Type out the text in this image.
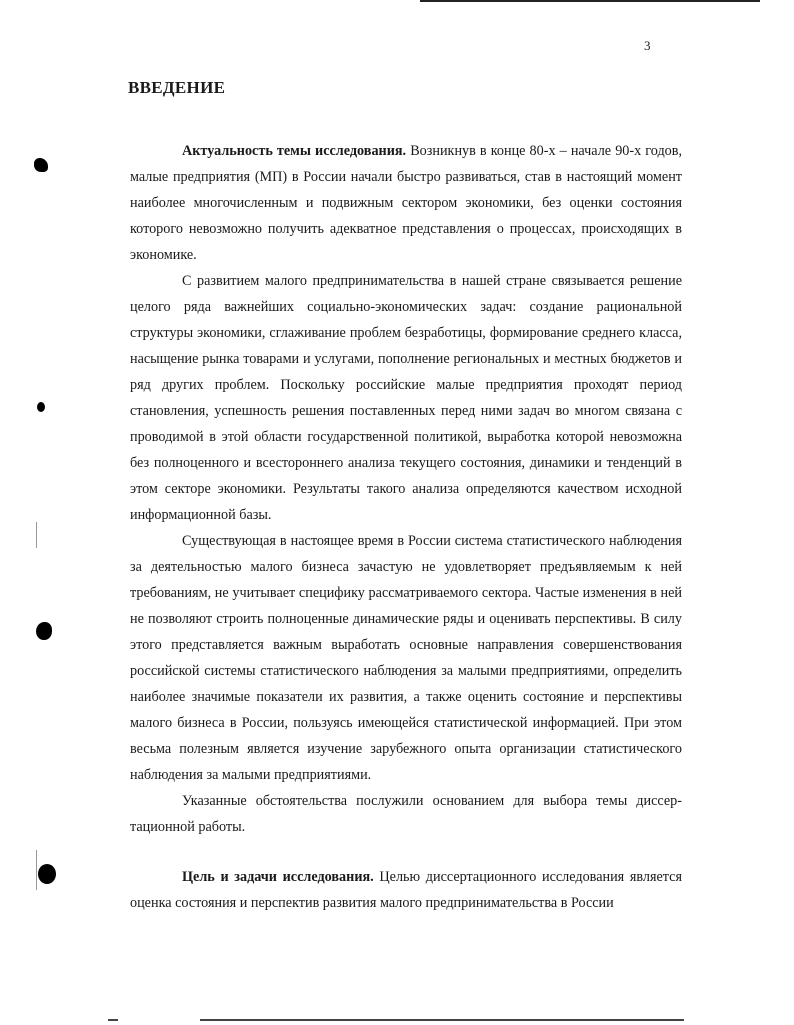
3
ВВЕДЕНИЕ

Актуальность темы исследования. Возникнув в конце 80-х – начале 90-х годов, малые предприятия (МП) в России начали быстро развиваться, став в настоящий момент наиболее многочисленным и подвижным сектором экономики, без оценки состояния которого невозможно получить адекватное представления о процессах, происходящих в экономике.

С развитием малого предпринимательства в нашей стране связывается решение целого ряда важнейших социально-экономических задач: создание рациональной структуры экономики, сглаживание проблем безработицы, формирование среднего класса, насыщение рынка товарами и услугами, пополнение региональных и местных бюджетов и ряд других проблем. Поскольку российские малые предприятия проходят период становления, успешность решения поставленных перед ними задач во многом связана с проводимой в этой области государственной политикой, выработка которой невозможна без полноценного и всестороннего анализа текущего состояния, динамики и тенденций в этом секторе экономики. Результаты такого анализа определяются качеством исходной информационной базы.

Существующая в настоящее время в России система статистического наблюдения за деятельностью малого бизнеса зачастую не удовлетворяет предъявляемым к ней требованиям, не учитывает специфику рассматриваемого сектора. Частые изменения в ней не позволяют строить полноценные динамические ряды и оценивать перспективы. В силу этого представляется важным выработать основные направления совершенствования российской системы статистического наблюдения за малыми предприятиями, определить наиболее значимые показатели их развития, а также оценить состояние и перспективы малого бизнеса в России, пользуясь имеющейся статистической информацией. При этом весьма полезным является изучение зарубежного опыта организации статистического наблюдения за малыми предприятиями.

Указанные обстоятельства послужили основанием для выбора темы диссертационной работы.

Цель и задачи исследования. Целью диссертационного исследования является оценка состояния и перспектив развития малого предпринимательства в России
